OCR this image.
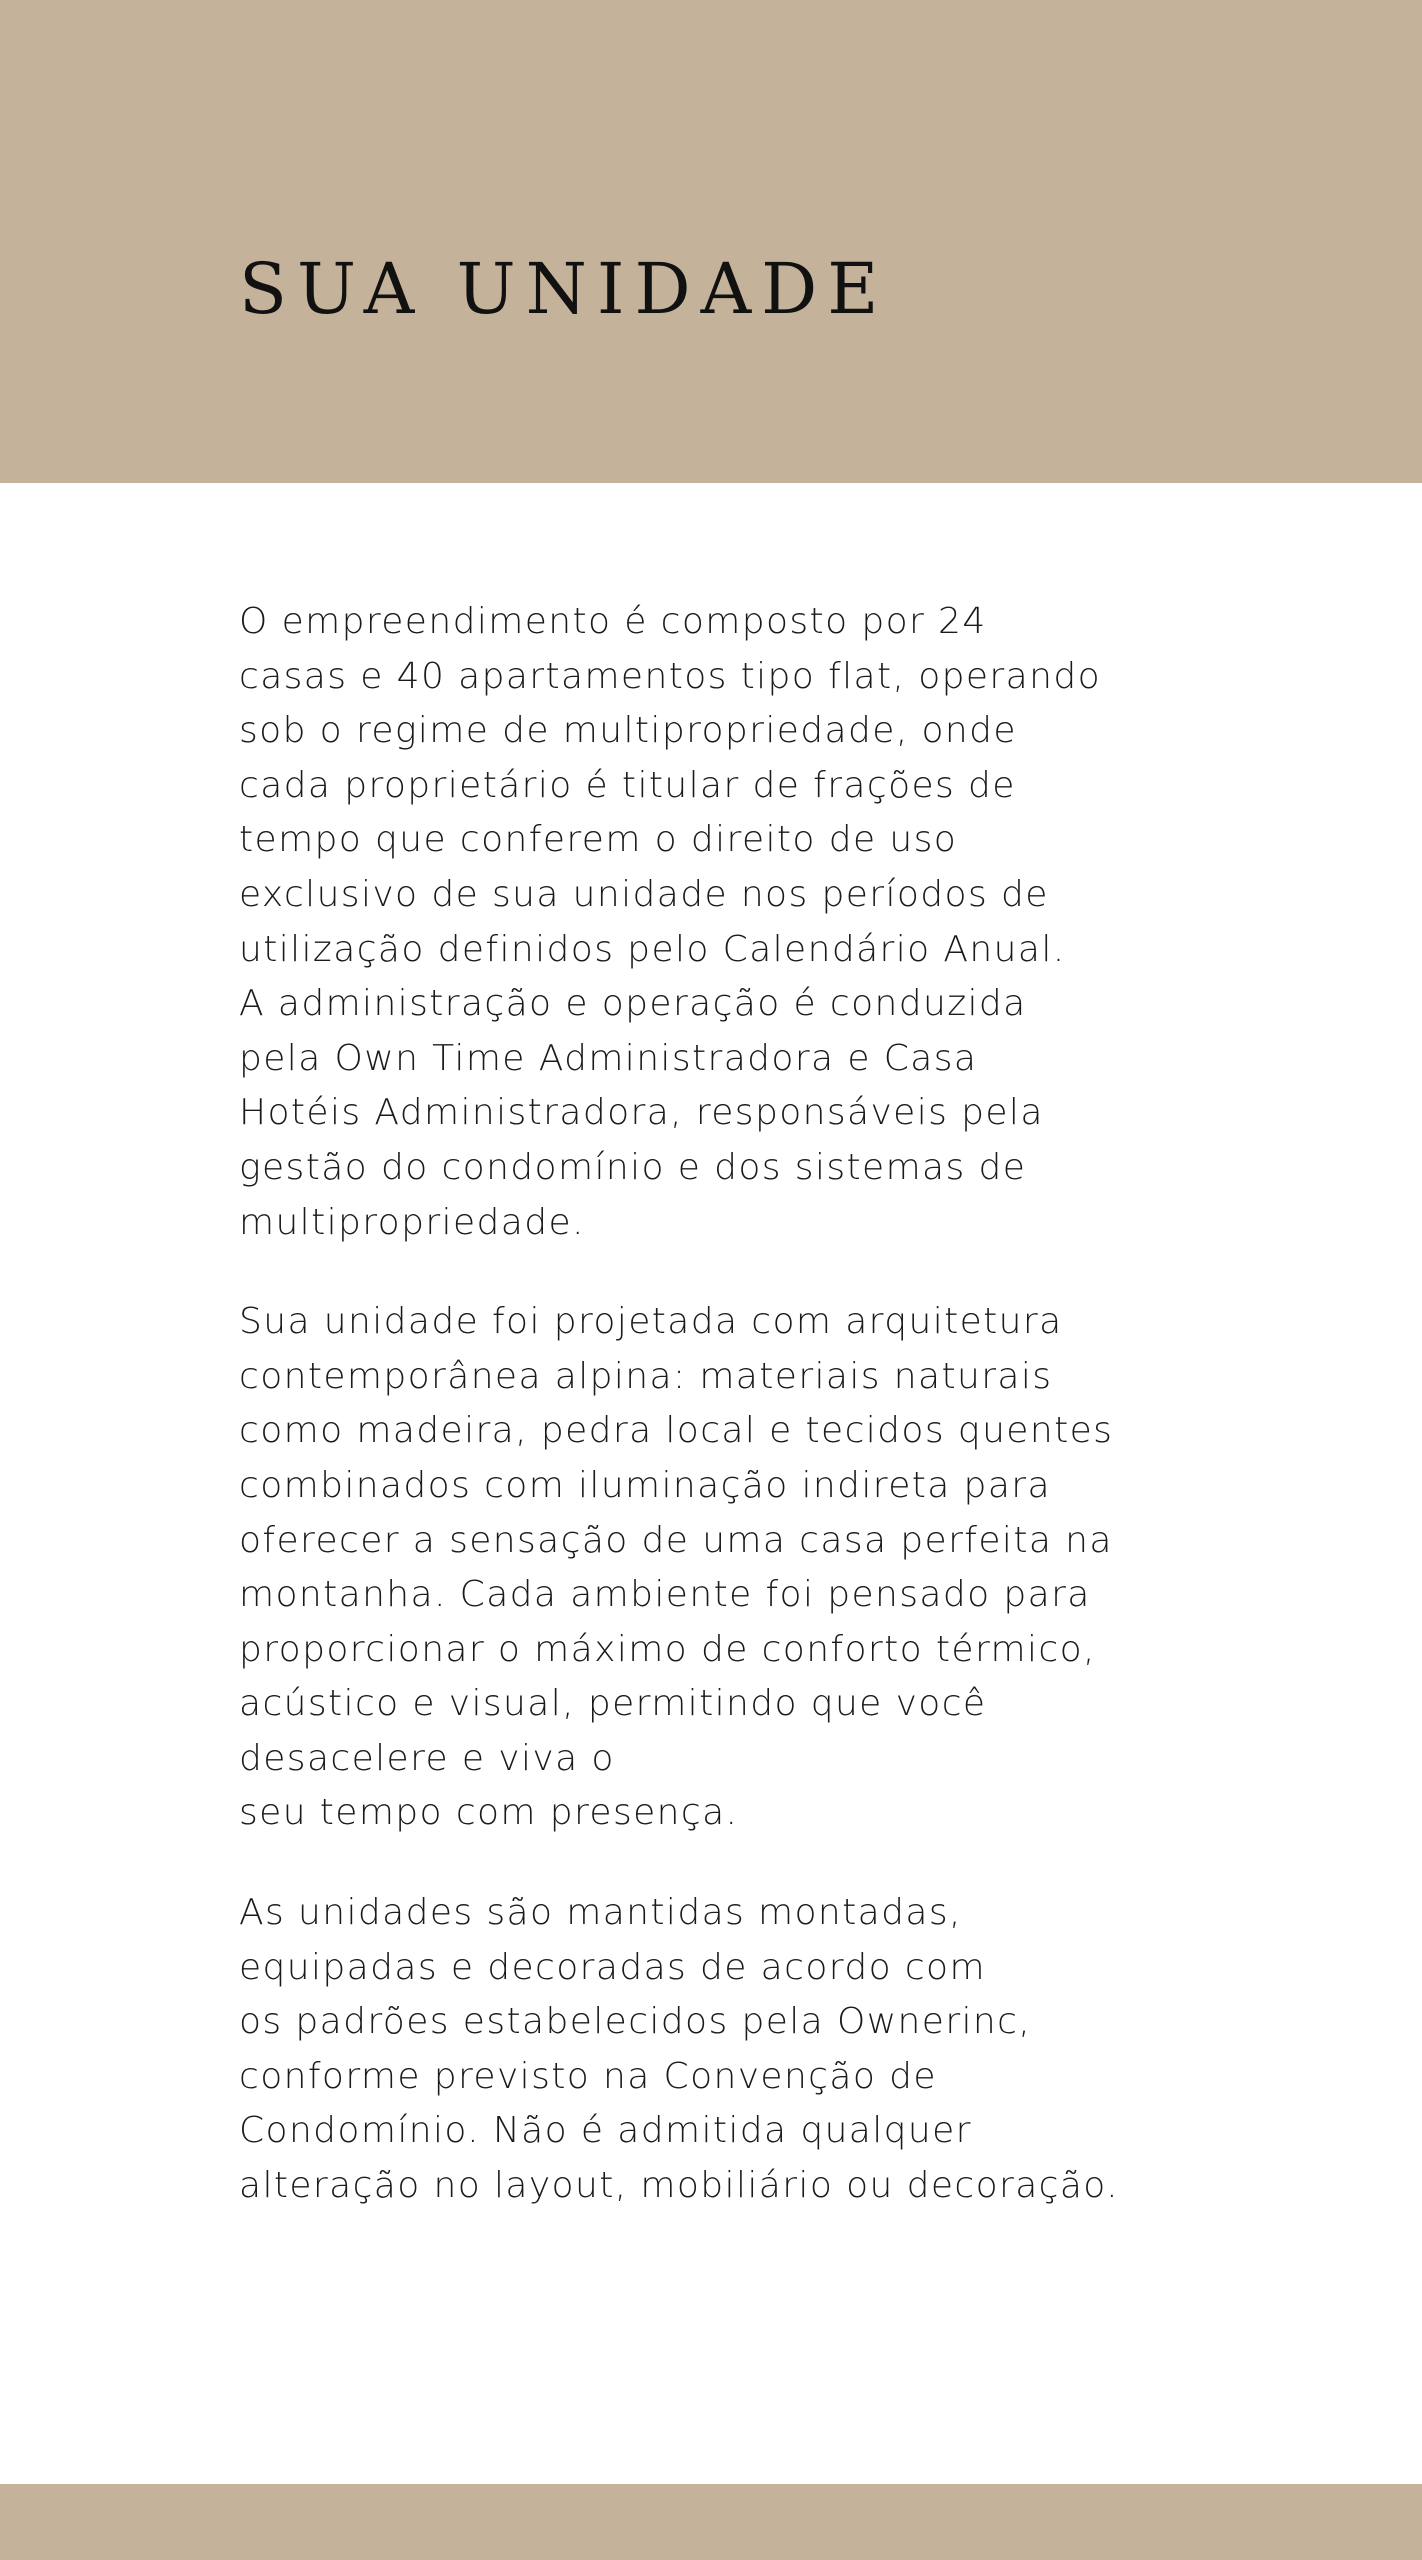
SUA UNIDADE

O empreendimento é composto por 24
casas e 40 apartamentos tipo flat, operando
sob o regime de multipropriedade, onde
cada proprietário é titular de frações de
tempo que conferem o direito de uso
exclusivo de sua unidade nos períodos de
utilização definidos pelo Calendário Anual.
A administração e operação é conduzida
pela Own Time Administradora e Casa
Hotéis Administradora, responsáveis pela
gestão do condomínio e dos sistemas de
multipropriedade.

Sua unidade foi projetada com arquitetura
contemporânea alpina: materiais naturais
como madeira, pedra local e tecidos quentes
combinados com iluminação indireta para
oferecer a sensação de uma casa perfeita na
montanha. Cada ambiente foi pensado para
proporcionar o máximo de conforto térmico,
acústico e visual, permitindo que você
desacelere e viva o
seu tempo com presença.

As unidades são mantidas montadas,
equipadas e decoradas de acordo com
os padrões estabelecidos pela Ownerinc,
conforme previsto na Convenção de
Condomínio. Não é admitida qualquer
alteração no layout, mobiliário ou decoração.
